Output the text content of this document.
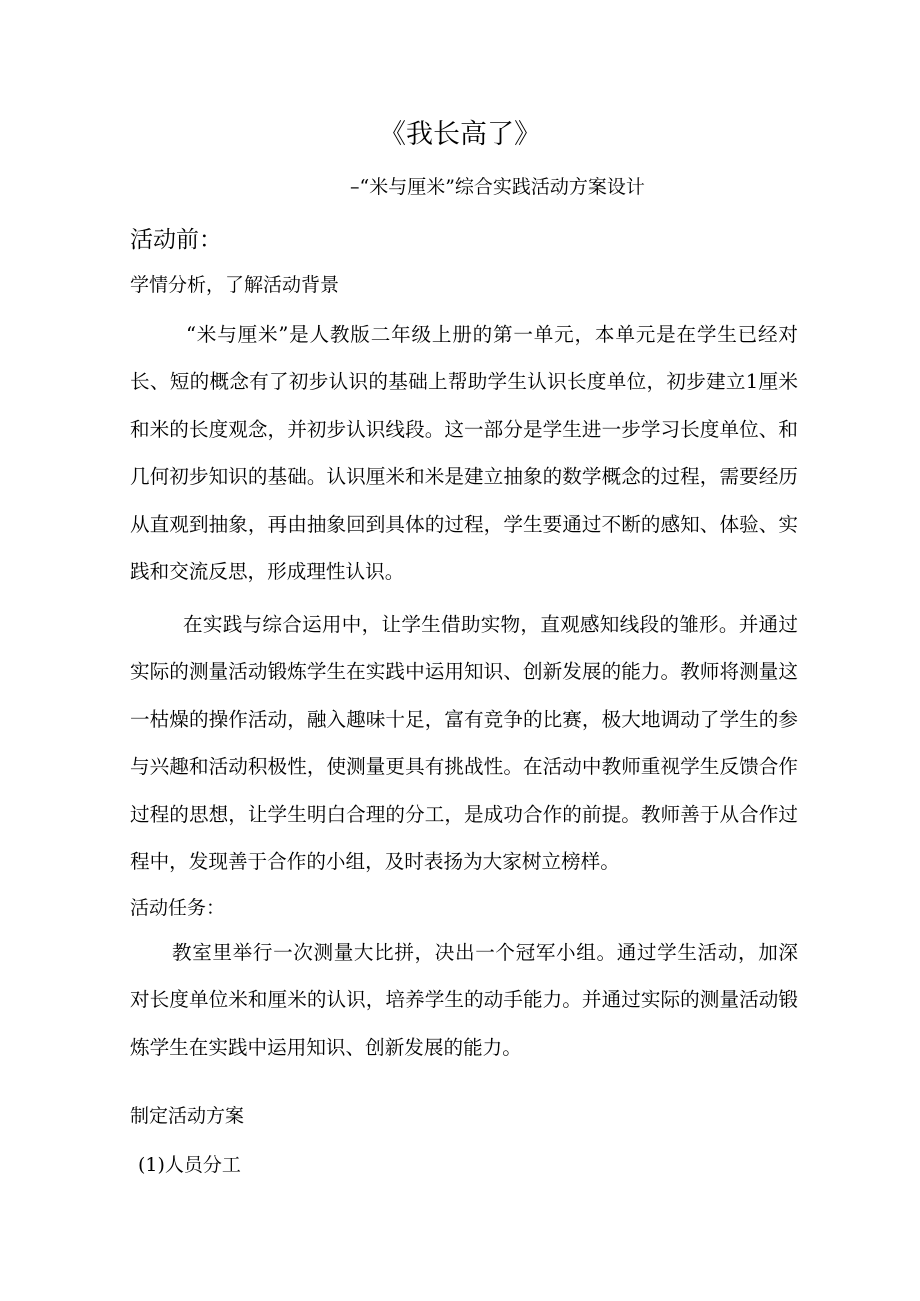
《我长高了》

–“米与厘米”综合实践活动方案设计

活动前：

学情分析，了解活动背景

“米与厘米”是人教版二年级上册的第一单元，本单元是在学生已经对长、短的概念有了初步认识的基础上帮助学生认识长度单位，初步建立1厘米和米的长度观念，并初步认识线段。这一部分是学生进一步学习长度单位、和几何初步知识的基础。认识厘米和米是建立抽象的数学概念的过程，需要经历从直观到抽象，再由抽象回到具体的过程，学生要通过不断的感知、体验、实践和交流反思，形成理性认识。

在实践与综合运用中，让学生借助实物，直观感知线段的雏形。并通过实际的测量活动锻炼学生在实践中运用知识、创新发展的能力。教师将测量这一枯燥的操作活动，融入趣味十足，富有竞争的比赛，极大地调动了学生的参与兴趣和活动积极性，使测量更具有挑战性。在活动中教师重视学生反馈合作过程的思想，让学生明白合理的分工，是成功合作的前提。教师善于从合作过程中，发现善于合作的小组，及时表扬为大家树立榜样。

活动任务：

教室里举行一次测量大比拼，决出一个冠军小组。通过学生活动，加深对长度单位米和厘米的认识，培养学生的动手能力。并通过实际的测量活动锻炼学生在实践中运用知识、创新发展的能力。

制定活动方案

(1)人员分工
